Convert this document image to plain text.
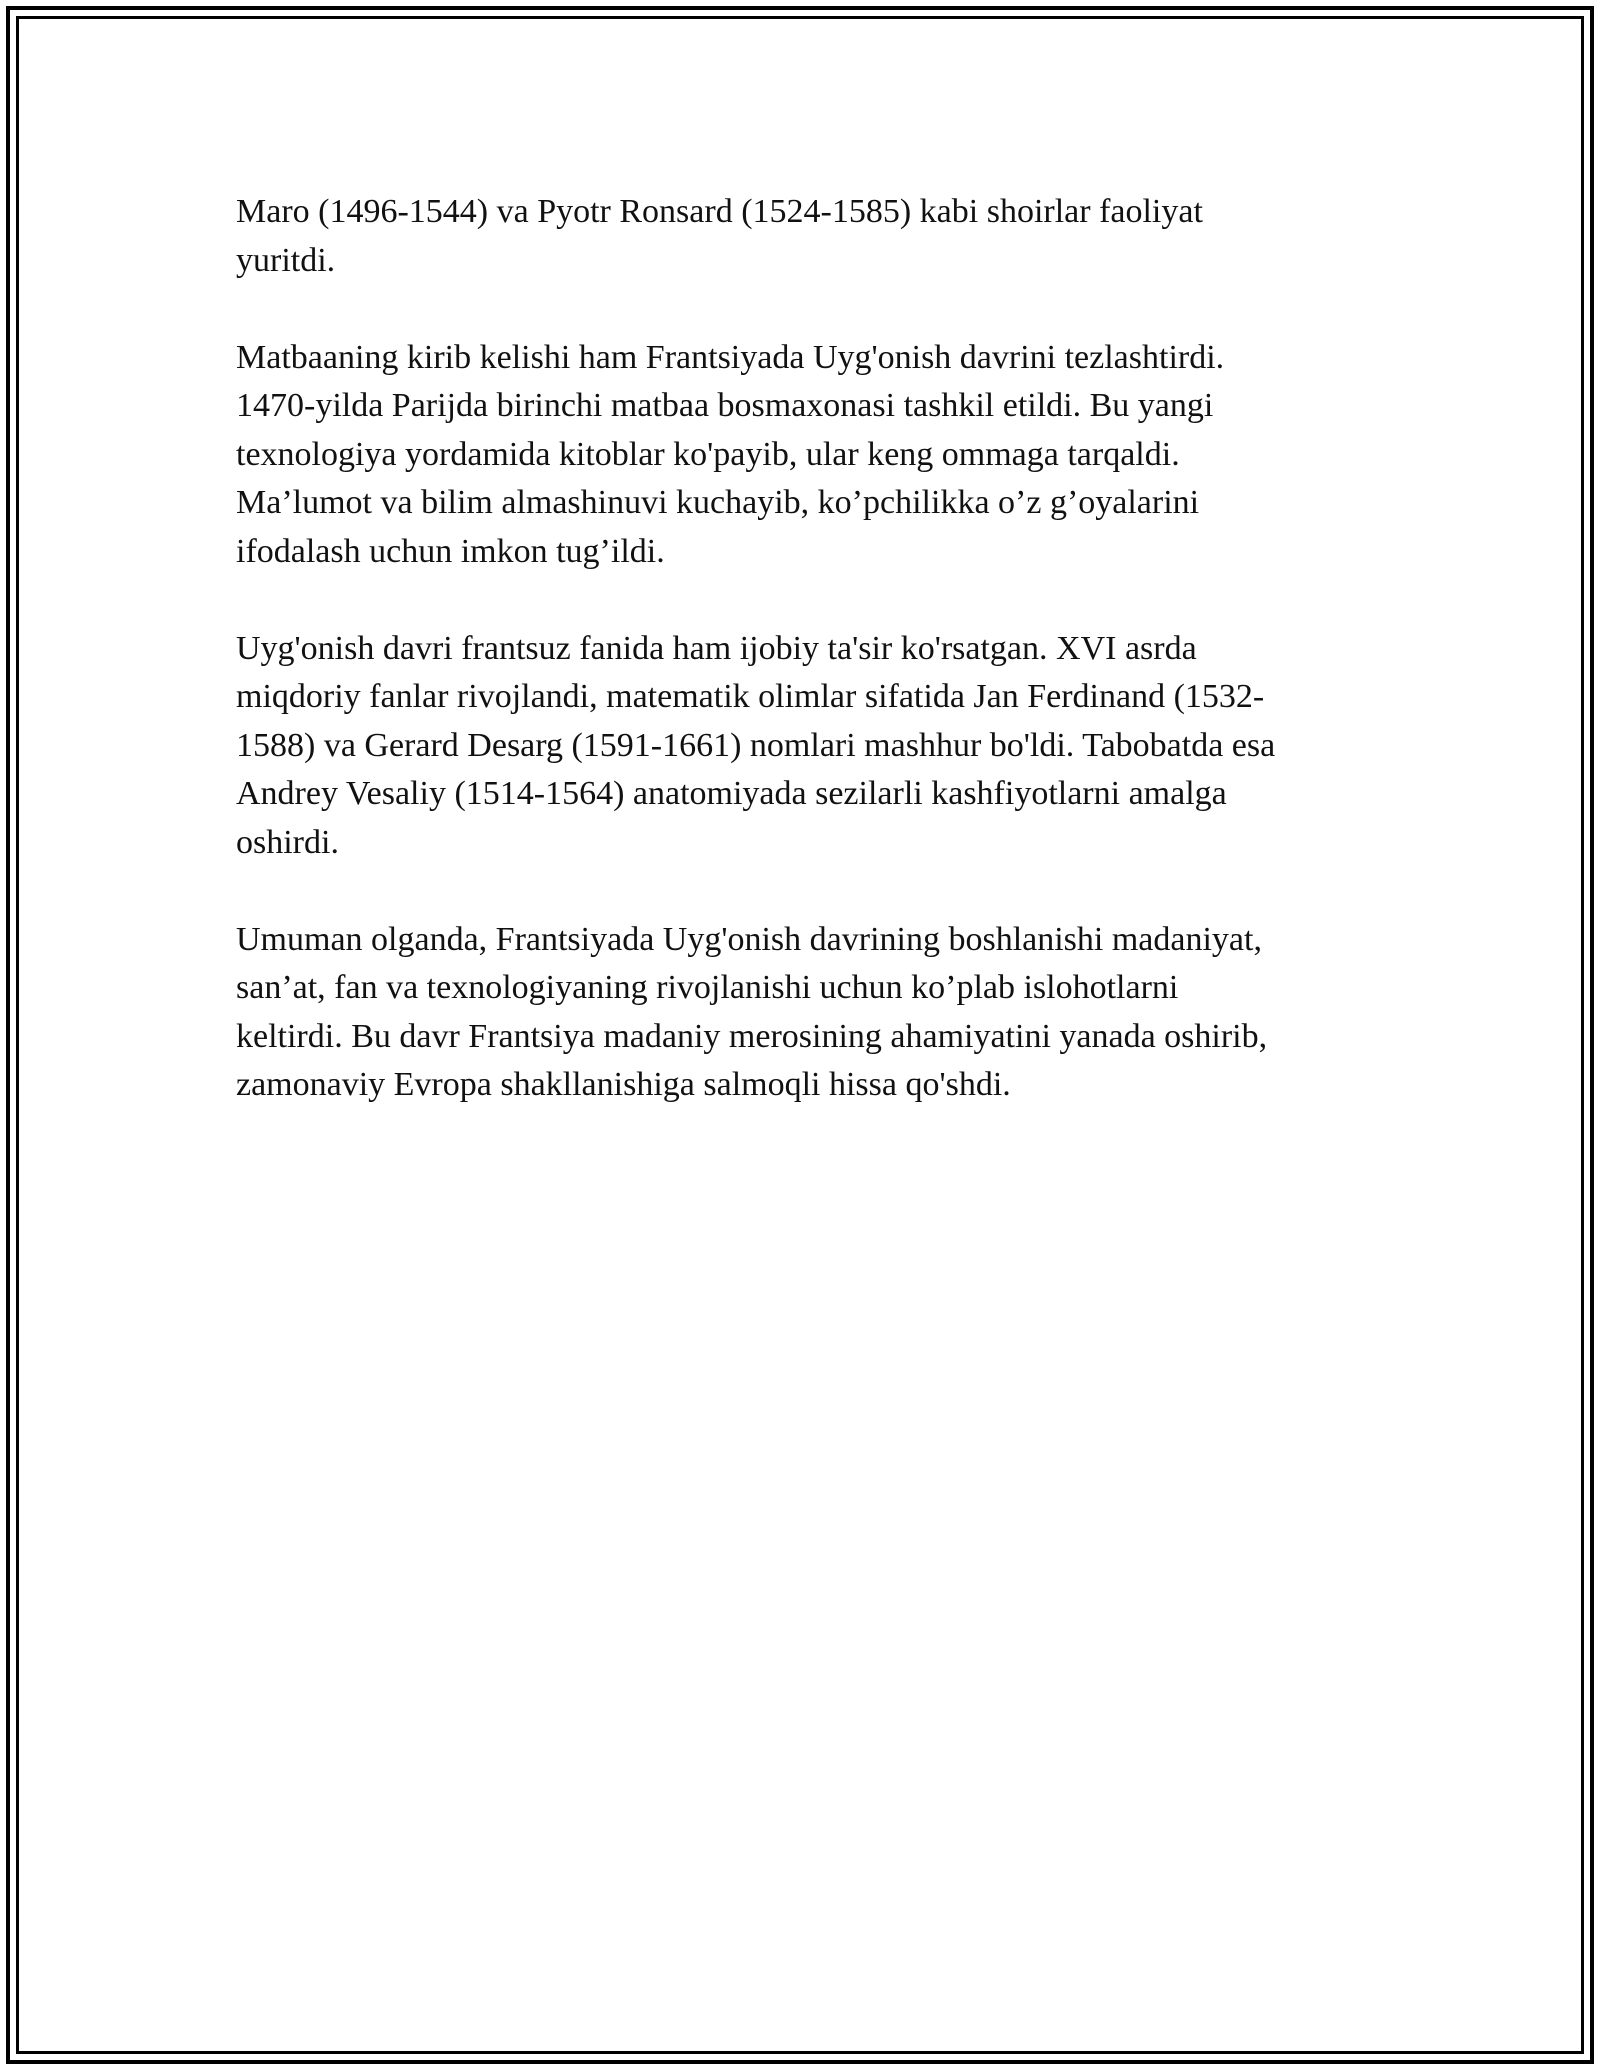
Maro (1496-1544) va Pyotr Ronsard (1524-1585) kabi shoirlar faoliyat
yuritdi.

Matbaaning kirib kelishi ham Frantsiyada Uyg'onish davrini tezlashtirdi.
1470-yilda Parijda birinchi matbaa bosmaxonasi tashkil etildi. Bu yangi
texnologiya yordamida kitoblar ko'payib, ular keng ommaga tarqaldi.
Ma’lumot va bilim almashinuvi kuchayib, ko’pchilikka o’z g’oyalarini
ifodalash uchun imkon tug’ildi.

Uyg'onish davri frantsuz fanida ham ijobiy ta'sir ko'rsatgan. XVI asrda
miqdoriy fanlar rivojlandi, matematik olimlar sifatida Jan Ferdinand (1532-
1588) va Gerard Desarg (1591-1661) nomlari mashhur bo'ldi. Tabobatda esa
Andrey Vesaliy (1514-1564) anatomiyada sezilarli kashfiyotlarni amalga
oshirdi.

Umuman olganda, Frantsiyada Uyg'onish davrining boshlanishi madaniyat,
san’at, fan va texnologiyaning rivojlanishi uchun ko’plab islohotlarni
keltirdi. Bu davr Frantsiya madaniy merosining ahamiyatini yanada oshirib,
zamonaviy Evropa shakllanishiga salmoqli hissa qo'shdi.
